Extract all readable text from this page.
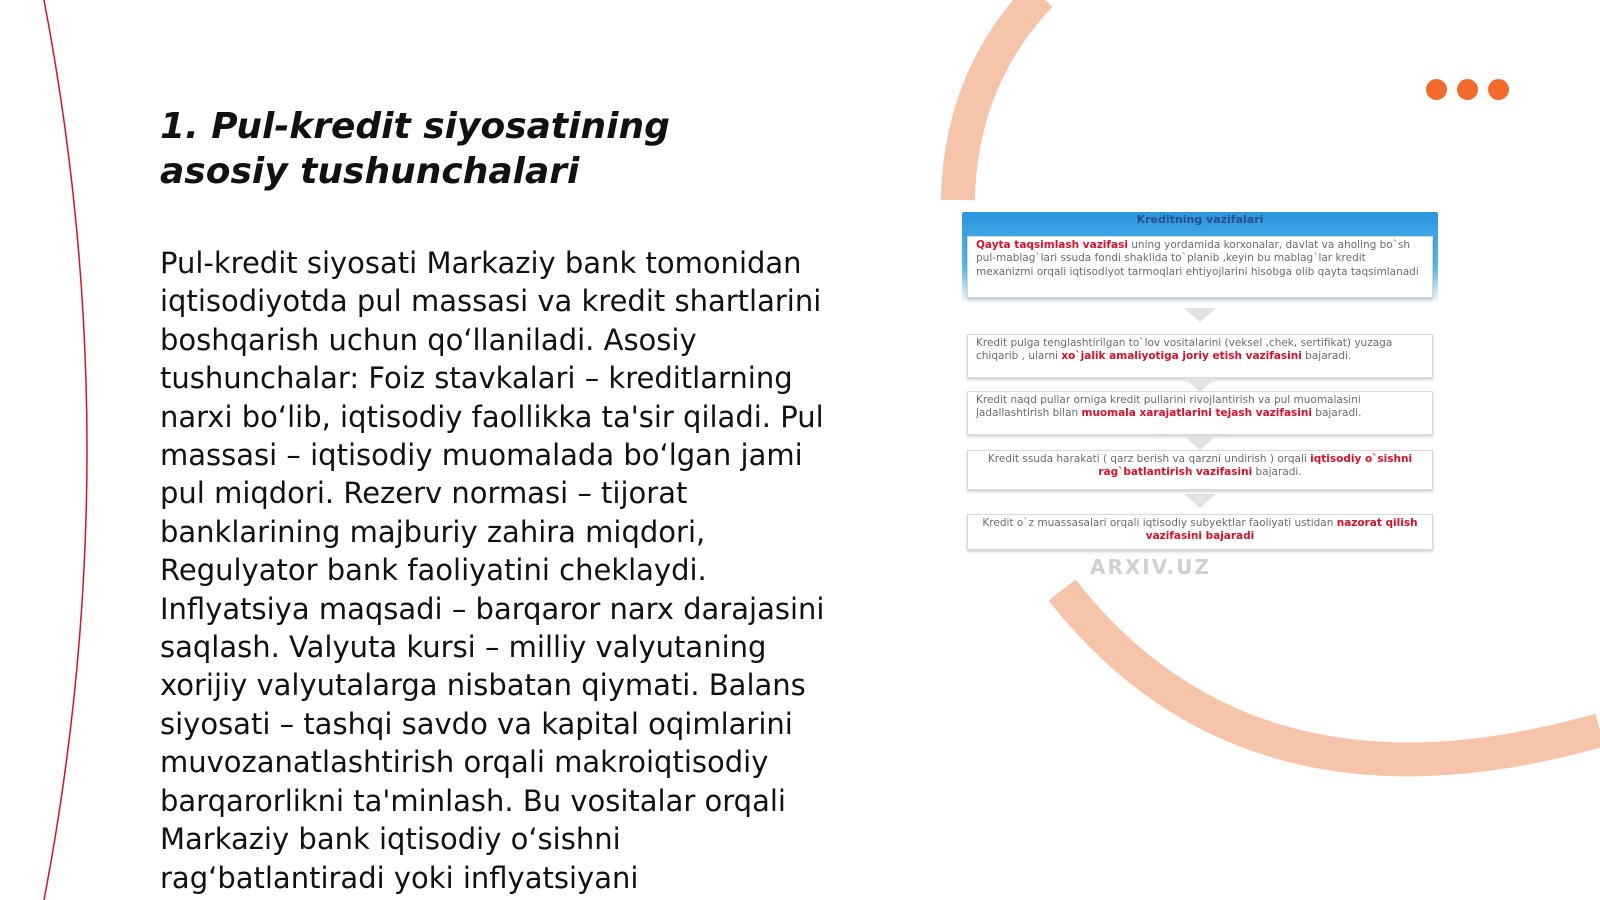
1. Pul-kredit siyosatining asosiy tushunchalari

Pul-kredit siyosati Markaziy bank tomonidan iqtisodiyotda pul massasi va kredit shartlarini boshqarish uchun qo‘llaniladi. Asosiy tushunchalar: Foiz stavkalari – kreditlarning narxi bo‘lib, iqtisodiy faollikka ta'sir qiladi. Pul massasi – iqtisodiy muomalada bo‘lgan jami pul miqdori. Rezerv normasi – tijorat banklarining majburiy zahira miqdori, Regulyator bank faoliyatini cheklaydi. Inflyatsiya maqsadi – barqaror narx darajasini saqlash. Valyuta kursi – milliy valyutaning xorijiy valyutalarga nisbatan qiymati. Balans siyosati – tashqi savdo va kapital oqimlarini muvozanatlashtirish orqali makroiqtisodiy barqarorlikni ta'minlash. Bu vositalar orqali Markaziy bank iqtisodiy o‘sishni rag‘batlantiradi yoki inflyatsiyani

Kreditning vazifalari
Qayta taqsimlash vazifasi uning yordamida korxonalar, davlat va aholing bo`sh pul-mablag`lari ssuda fondi shaklida to`planib ,keyin bu mablag`lar kredit mexanizmi orqali iqtisodiyot tarmoqlari ehtiyojlarini hisobga olib qayta taqsimlanadi
Kredit pulga tenglashtirilgan to`lov vositalarini (veksel ,chek, sertifikat) yuzaga chiqarib , ularni xo`jalik amaliyotiga joriy etish vazifasini bajaradi.
Kredit naqd pullar orniga kredit pullarini rivojlantirish va pul muomalasini jadallashtirish bilan muomala xarajatlarini tejash vazifasini bajaradi.
Kredit ssuda harakati ( qarz berish va qarzni undirish ) orqali iqtisodiy o`sishni rag`batlantirish vazifasini bajaradi.
Kredit o`z muassasalari orqali iqtisodiy subyektlar faoliyati ustidan nazorat qilish vazifasini bajaradi
ARXIV.UZ
